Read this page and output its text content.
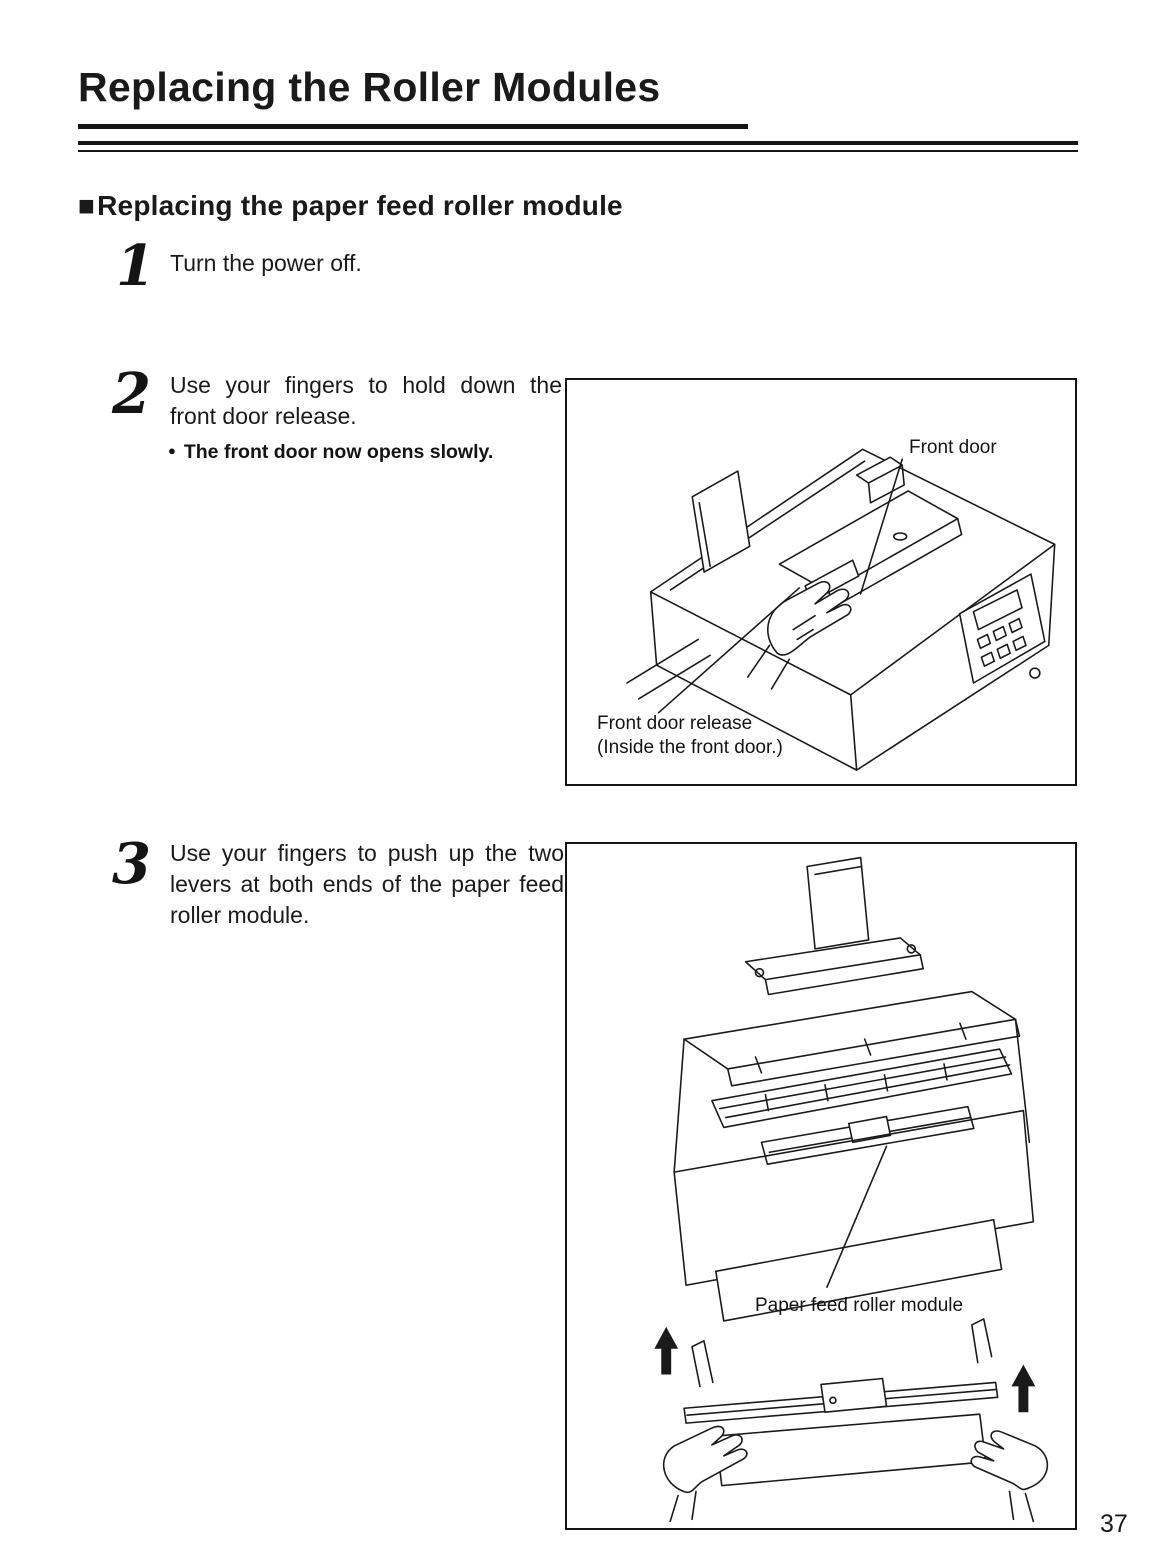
Replacing the Roller Modules
■Replacing the paper feed roller module
1 Turn the power off.
2 Use your fingers to hold down the front door release.
● The front door now opens slowly.	Front door
Front door release
(Inside the front door.)
3 Use your fingers to push up the two levers at both ends of the paper feed roller module.
Paper feed roller module
37
